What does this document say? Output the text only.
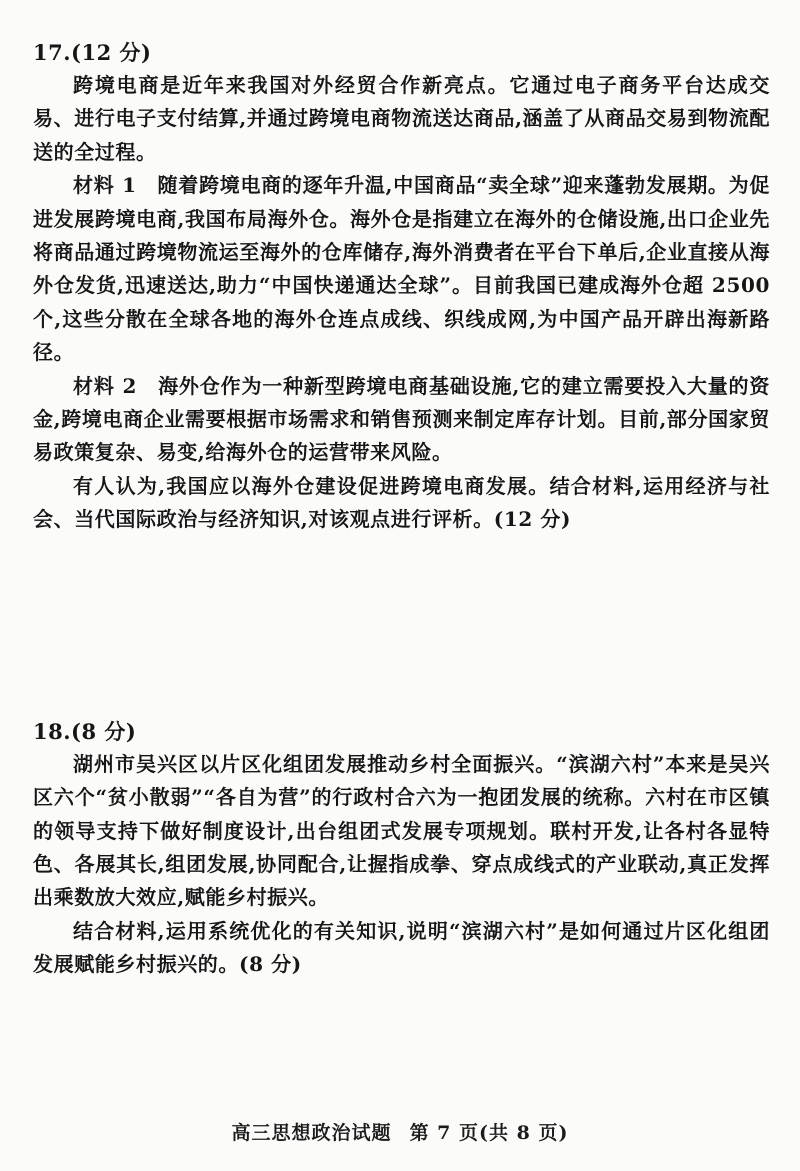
17.(12 分)

跨境电商是近年来我国对外经贸合作新亮点。它通过电子商务平台达成交易、进行电子支付结算,并通过跨境电商物流送达商品,涵盖了从商品交易到物流配送的全过程。

材料 1　随着跨境电商的逐年升温,中国商品“卖全球”迎来蓬勃发展期。为促进发展跨境电商,我国布局海外仓。海外仓是指建立在海外的仓储设施,出口企业先将商品通过跨境物流运至海外的仓库储存,海外消费者在平台下单后,企业直接从海外仓发货,迅速送达,助力“中国快递通达全球”。目前我国已建成海外仓超 2500 个,这些分散在全球各地的海外仓连点成线、织线成网,为中国产品开辟出海新路径。

材料 2　海外仓作为一种新型跨境电商基础设施,它的建立需要投入大量的资金,跨境电商企业需要根据市场需求和销售预测来制定库存计划。目前,部分国家贸易政策复杂、易变,给海外仓的运营带来风险。

有人认为,我国应以海外仓建设促进跨境电商发展。结合材料,运用经济与社会、当代国际政治与经济知识,对该观点进行评析。(12 分)

18.(8 分)

湖州市吴兴区以片区化组团发展推动乡村全面振兴。“滨湖六村”本来是吴兴区六个“贫小散弱”“各自为营”的行政村合六为一抱团发展的统称。六村在市区镇的领导支持下做好制度设计,出台组团式发展专项规划。联村开发,让各村各显特色、各展其长,组团发展,协同配合,让握指成拳、穿点成线式的产业联动,真正发挥出乘数放大效应,赋能乡村振兴。

结合材料,运用系统优化的有关知识,说明“滨湖六村”是如何通过片区化组团发展赋能乡村振兴的。(8 分)

高三思想政治试题 第 7 页(共 8 页)
